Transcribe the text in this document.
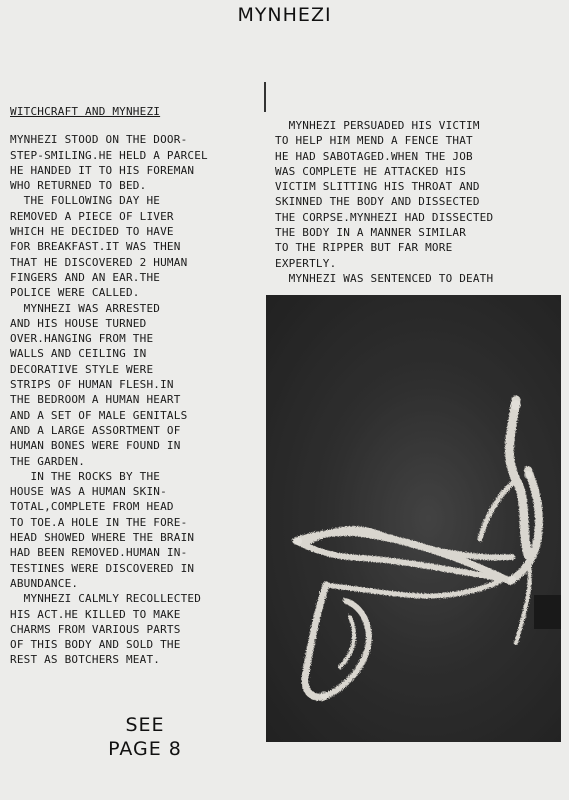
MYNHEZI
WITCHCRAFT AND MYNHEZI
MYNHEZI STOOD ON THE DOOR-
STEP-SMILING.HE HELD A PARCEL
HE HANDED IT TO HIS FOREMAN
WHO RETURNED TO BED.
THE FOLLOWING DAY HE
REMOVED A PIECE OF LIVER
WHICH HE DECIDED TO HAVE
FOR BREAKFAST.IT WAS THEN
THAT HE DISCOVERED 2 HUMAN
FINGERS AND AN EAR.THE
POLICE WERE CALLED.
MYNHEZI WAS ARRESTED
AND HIS HOUSE TURNED
OVER.HANGING FROM THE
WALLS AND CEILING IN
DECORATIVE STYLE WERE
STRIPS OF HUMAN FLESH.IN
THE BEDROOM A HUMAN HEART
AND A SET OF MALE GENITALS
AND A LARGE ASSORTMENT OF
HUMAN BONES WERE FOUND IN
THE GARDEN.
IN THE ROCKS BY THE
HOUSE WAS A HUMAN SKIN-
TOTAL,COMPLETE FROM HEAD
TO TOE.A HOLE IN THE FORE-
HEAD SHOWED WHERE THE BRAIN
HAD BEEN REMOVED.HUMAN IN-
TESTINES WERE DISCOVERED IN
ABUNDANCE.
MYNHEZI CALMLY RECOLLECTED
HIS ACT.HE KILLED TO MAKE
CHARMS FROM VARIOUS PARTS
OF THIS BODY AND SOLD THE
REST AS BOTCHERS MEAT.
MYNHEZI PERSUADED HIS VICTIM
TO HELP HIM MEND A FENCE THAT
HE HAD SABOTAGED.WHEN THE JOB
WAS COMPLETE HE ATTACKED HIS
VICTIM SLITTING HIS THROAT AND
SKINNED THE BODY AND DISSECTED
THE CORPSE.MYNHEZI HAD DISSECTED
THE BODY IN A MANNER SIMILAR
TO THE RIPPER BUT FAR MORE
EXPERTLY.
MYNHEZI WAS SENTENCED TO DEATH
SEE
PAGE 8
